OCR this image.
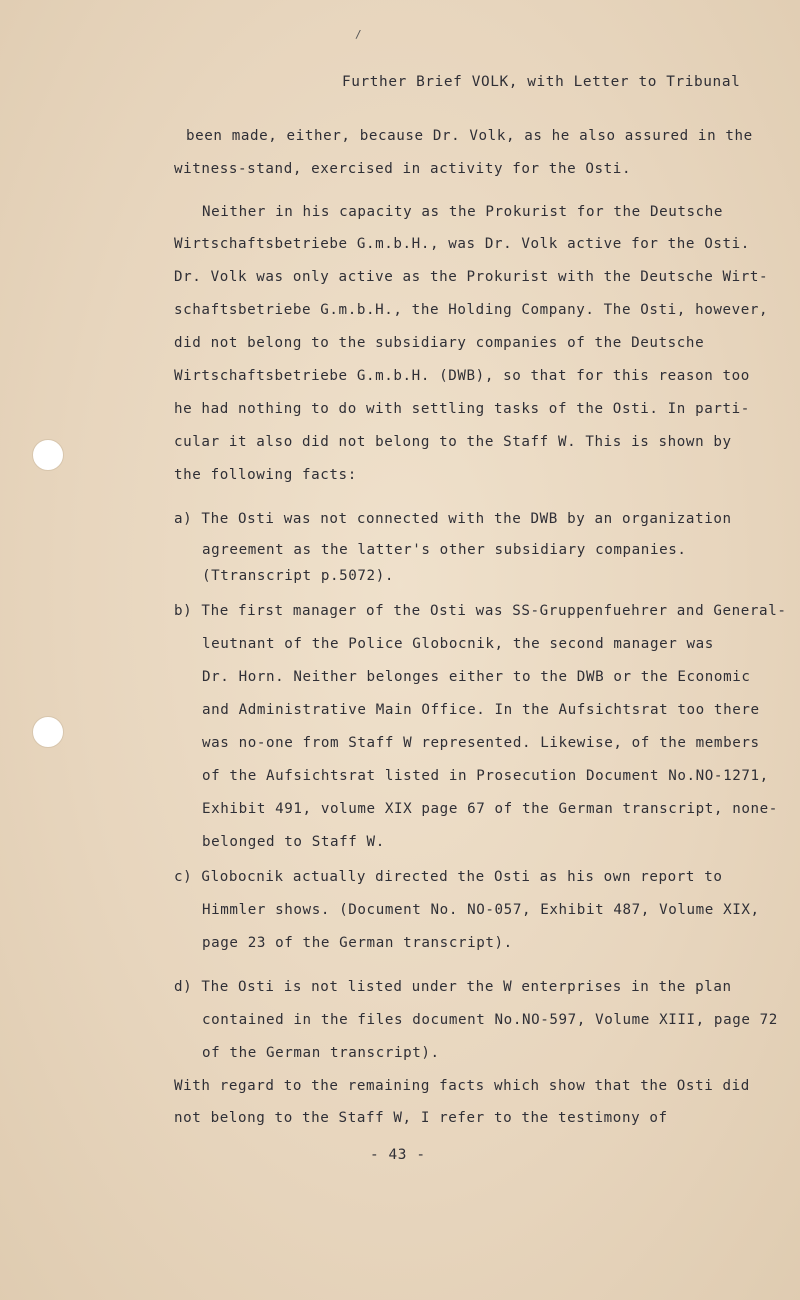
/
Further Brief VOLK, with Letter to Tribunal
been made, either, because Dr. Volk, as he also assured in the
witness-stand, exercised in activity for the Osti.
Neither in his capacity as the Prokurist for the Deutsche
Wirtschaftsbetriebe G.m.b.H., was Dr. Volk active for the Osti.
Dr. Volk was only active as the Prokurist with the Deutsche Wirt-
schaftsbetriebe G.m.b.H., the Holding Company. The Osti, however,
did not belong to the subsidiary companies of the Deutsche
Wirtschaftsbetriebe G.m.b.H. (DWB), so that for this reason too
he had nothing to do with settling tasks of the Osti. In parti-
cular it also did not belong to the Staff W. This is shown by
the following facts:
a) The Osti was not connected with the DWB by an organization
agreement as the latter's other subsidiary companies.
(Ttranscript p.5072).
b) The first manager of the Osti was SS-Gruppenfuehrer and General-
leutnant of the Police Globocnik, the second manager was
Dr. Horn. Neither belonges either to the DWB or the Economic
and Administrative Main Office. In the Aufsichtsrat too there
was no-one from Staff W represented. Likewise, of the members
of the Aufsichtsrat listed in Prosecution Document No.NO-1271,
Exhibit 491, volume XIX page 67 of the German transcript, none-
belonged to Staff W.
c) Globocnik actually directed the Osti as his own report to
Himmler shows. (Document No. NO-057, Exhibit 487, Volume XIX,
page 23 of the German transcript).
d) The Osti is not listed under the W enterprises in the plan
contained in the files document No.NO-597, Volume XIII, page 72
of the German transcript).
With regard to the remaining facts which show that the Osti did
not belong to the Staff W, I refer to the testimony of
- 43 -
